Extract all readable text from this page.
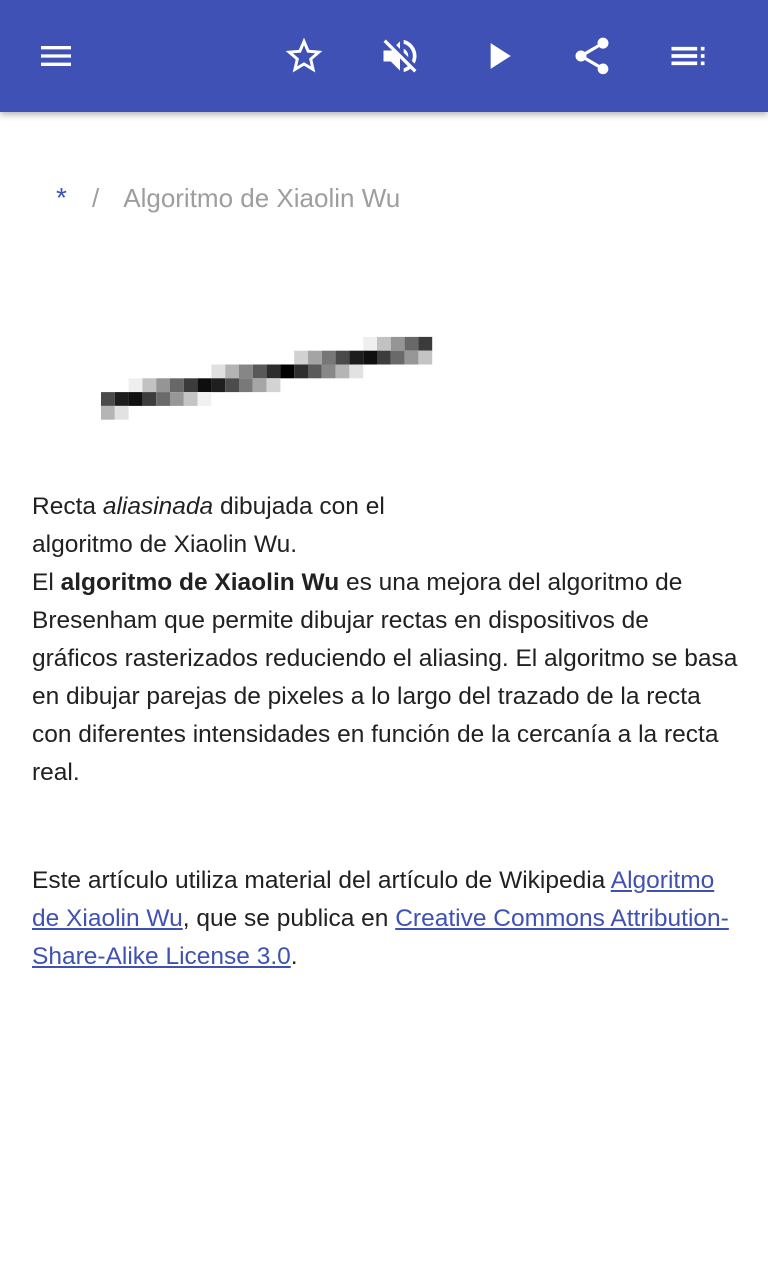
* / Algoritmo de Xiaolin Wu

Recta aliasinada dibujada con el algoritmo de Xiaolin Wu.

El algoritmo de Xiaolin Wu es una mejora del algoritmo de Bresenham que permite dibujar rectas en dispositivos de gráficos rasterizados reduciendo el aliasing. El algoritmo se basa en dibujar parejas de pixeles a lo largo del trazado de la recta con diferentes intensidades en función de la cercanía a la recta real.

Este artículo utiliza material del artículo de Wikipedia Algoritmo de Xiaolin Wu, que se publica en Creative Commons Attribution-Share-Alike License 3.0.
